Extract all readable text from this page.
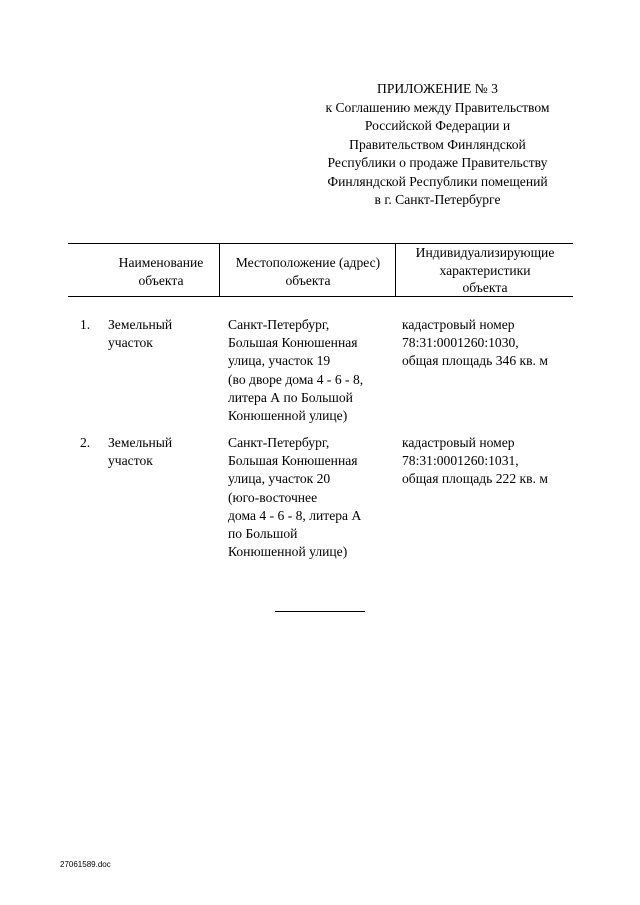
ПРИЛОЖЕНИЕ № 3
к Соглашению между Правительством
Российской Федерации и
Правительством Финляндской
Республики о продаже Правительству
Финляндской Республики помещений
в г. Санкт-Петербурге
Наименование
объекта
Местоположение (адрес)
объекта
Индивидуализирующие
характеристики
объекта
1. Земельный
участок
Санкт-Петербург,
Большая Конюшенная
улица, участок 19
(во дворе дома 4 - 6 - 8,
литера А по Большой
Конюшенной улице)
кадастровый номер
78:31:0001260:1030,
общая площадь 346 кв. м
2. Земельный
участок
Санкт-Петербург,
Большая Конюшенная
улица, участок 20
(юго-восточнее
дома 4 - 6 - 8, литера А
по Большой
Конюшенной улице)
кадастровый номер
78:31:0001260:1031,
общая площадь 222 кв. м
27061589.doc
